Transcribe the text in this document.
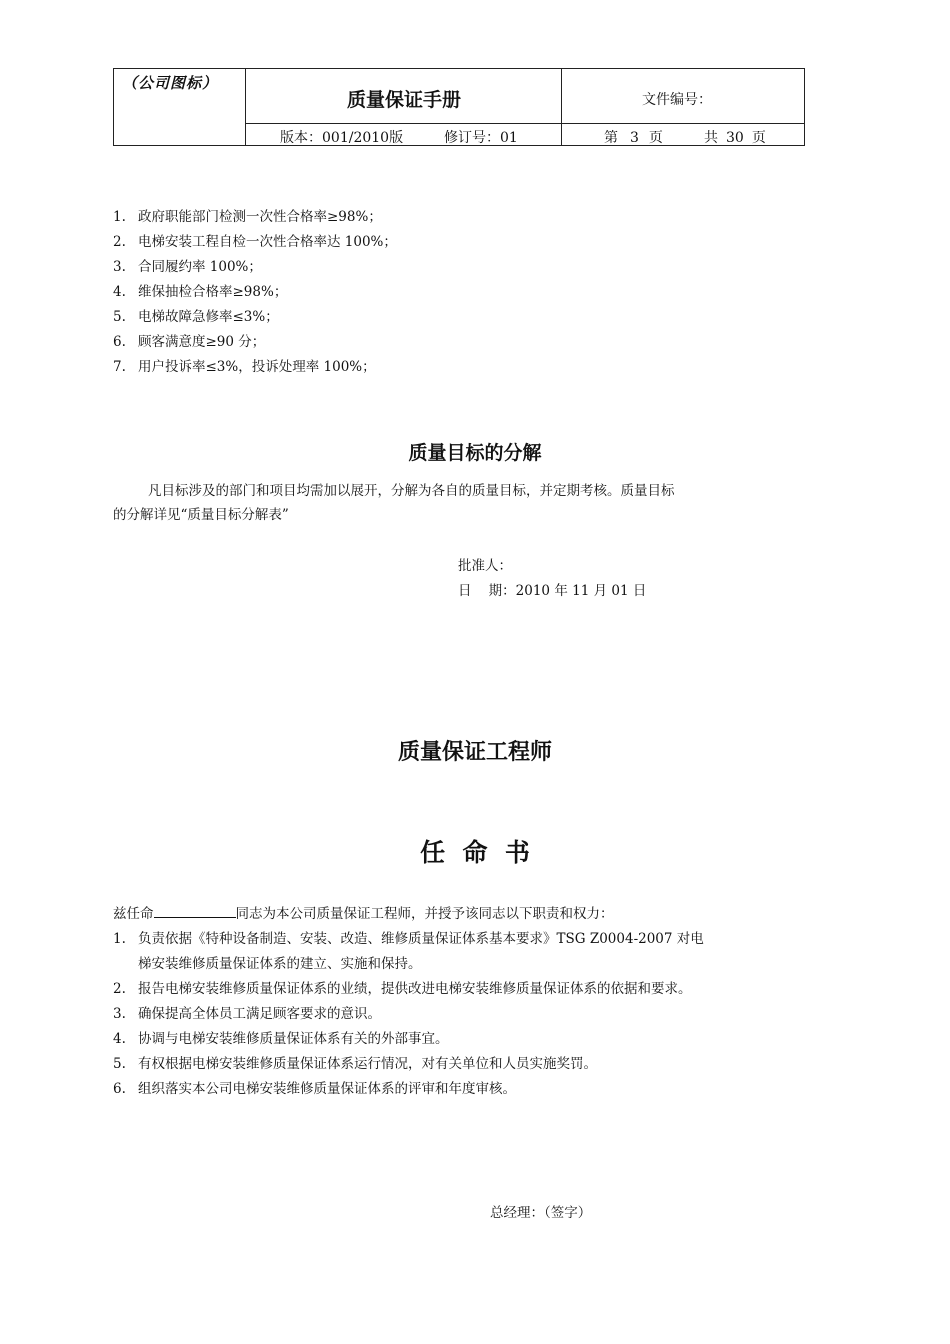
（公司图标）
质量保证手册	文件编号：
版本：001/2010版	修订号：01	第 3 页	共 30 页
1. 政府职能部门检测一次性合格率≥98%；
2. 电梯安装工程自检一次性合格率达 100%；
3. 合同履约率 100%；
4. 维保抽检合格率≥98%；
5. 电梯故障急修率≤3%；
6. 顾客满意度≥90 分；
7. 用户投诉率≤3%，投诉处理率 100%；
质量目标的分解
凡目标涉及的部门和项目均需加以展开，分解为各自的质量目标，并定期考核。质量目标
的分解详见“质量目标分解表”
批准人：
日    期：2010 年 11 月 01 日
质量保证工程师
任  命  书
兹任命	同志为本公司质量保证工程师，并授予该同志以下职责和权力：
1. 负责依据《特种设备制造、安装、改造、维修质量保证体系基本要求》TSG Z0004-2007 对电
梯安装维修质量保证体系的建立、实施和保持。
2. 报告电梯安装维修质量保证体系的业绩，提供改进电梯安装维修质量保证体系的依据和要求。
3. 确保提高全体员工满足顾客要求的意识。
4. 协调与电梯安装维修质量保证体系有关的外部事宜。
5. 有权根据电梯安装维修质量保证体系运行情况，对有关单位和人员实施奖罚。
6. 组织落实本公司电梯安装维修质量保证体系的评审和年度审核。
总经理：（签字）
